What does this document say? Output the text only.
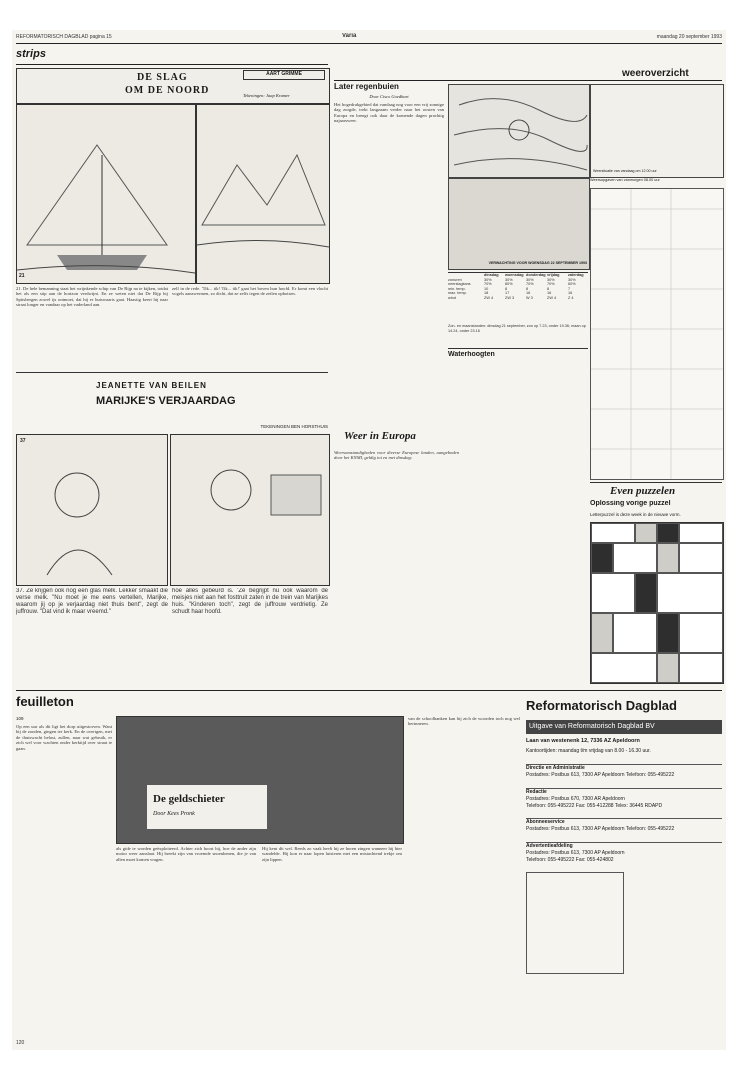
REFORMATORISCH DAGBLAD pagina 15	Varia	maandag 20 september 1993
strips
DE SLAG
OM DE NOORD
AART GRIMME
Tekeningen: Jaap Kramer
21
21. De hele bemanning staat het wrijnkende schip van De Rijp na te kijken, totdat het als een stip aan de horizon verdwijnt. En ze weten niet dat De Rijp bij Spitsbergen zowel ijs ontmoet, dat hij er huiswaarts gaat. Haastig keert hij naar straat longer en vandaar op het vaderland aan.
zelf in de rede. 'Tik... tik! Tik... tik!' gaat het boven hun hoofd. Er komt een vlucht vogels aanzwermen, zo dicht, dat ze zelfs tegen de zeilen opbotsen.
JEANETTE VAN BEILEN
MARIJKE'S VERJAARDAG
TEKENINGEN BEN HORSTHUIS
37
37. Ze krijgen ook nog een glas melk. Lekker smaakt die verse melk. "Nu moet je me eens vertellen, Marijke, waarom jij op je verjaardag niet thuis bent", zegt de juffrouw. "Dat vind ik maar vreemd."
hoe alles gebeurd is. 'Ze begrijpt nu ook waarom de meisjes niet aan het fosttruit zaten in de trein van Marijkes huis. "Kinderen toch", zegt de juffrouw verdrietig. Ze schudt haar hoofd.
Later regenbuien
Door Cisco Goedhart
Het hogedrukgebied dat vandaag nog voor een vrij zonnige dag zorgde, trekt langzaam verder naar het oosten van Europa en brengt ook daar de komende dagen prachtig najaarsweer.
weeroverzicht
Weersituatie van vandaag om 12.00 uur
Weersopgaven van vanmorgen 08.00 uur
VERWACHTING VOOR WOENSDAG 22 SEPTEMBER 1993
dinsdag	woensdag donderdag vrijdag	zaterdag
zonuren	30%	30%	30%	30%	30%
neerslagkans	70%	80%	70%	70%	60%
min. temp.	10	8	8	8	7
max. temp.	18	17	16	16	16
wind	ZW 4	ZW 3	W 3	ZW 4	Z 4
Zon- en maanstanden: dinsdag 21 september, zon op 7.23, onder 19.36; maan op 14.24, onder 23.16
Waterhoogten
Weer in Europa
Weersomstandigheden voor diverse Europese landen, aangeboden door het KNMI, geldig tot en met dinsdag:
Even puzzelen
Oplossing vorige puzzel
Letterpuzzel is deze week in de nieuwe vorm.
feuilleton
109
Op een uur als dit ligt het dorp uitgestorven. Want bij de zonden, gingen ter kerk. En de overigen, met de thuiswacht belast, zullen, naar wat gebruik, er zich wel voor wachten onder kerktijd over straat te gaan.
De geldschieter
Door Kees Pronk
als gide te worden geëxploiteerd. Achter zich hoort hij, hoe de ander zijn motor weer aanslaat. Hij breekt zijn van vroemde snoeubenen, die je van allen moet komen vragen.
Hij kent dit wel. Reeds zo vaak heeft hij ze horen zingen wanneer hij hier wandelde. Hij kon er naar lopen luisteren met een mistachtend trekje om zijn lippen.
van de schoolbanken kan hij zich de woorden toch nog wel herinneren.
Reformatorisch Dagblad
Uitgave van Reformatorisch Dagblad BV
Laan van westenenk 12, 7336 AZ Apeldoorn
Kantoortijden: maandag t/m vrijdag van 8.00 - 16.30 uur.
Directie en Administratie
Postadres: Postbus 613, 7300 AP Apeldoorn Telefoon: 055-495222
Redactie
Postadres: Postbus 670, 7300 AR Apeldoorn
Telefoon: 055-495222 Fax: 055-412288 Telex: 36445 RDAPD
Abonneeservice
Postadres: Postbus 613, 7300 AP Apeldoorn Telefoon: 055-495222
Advertentieafdeling
Postadres: Postbus 613, 7300 AP Apeldoorn
Telefoon: 055-495222 Fax: 055-424802
120
